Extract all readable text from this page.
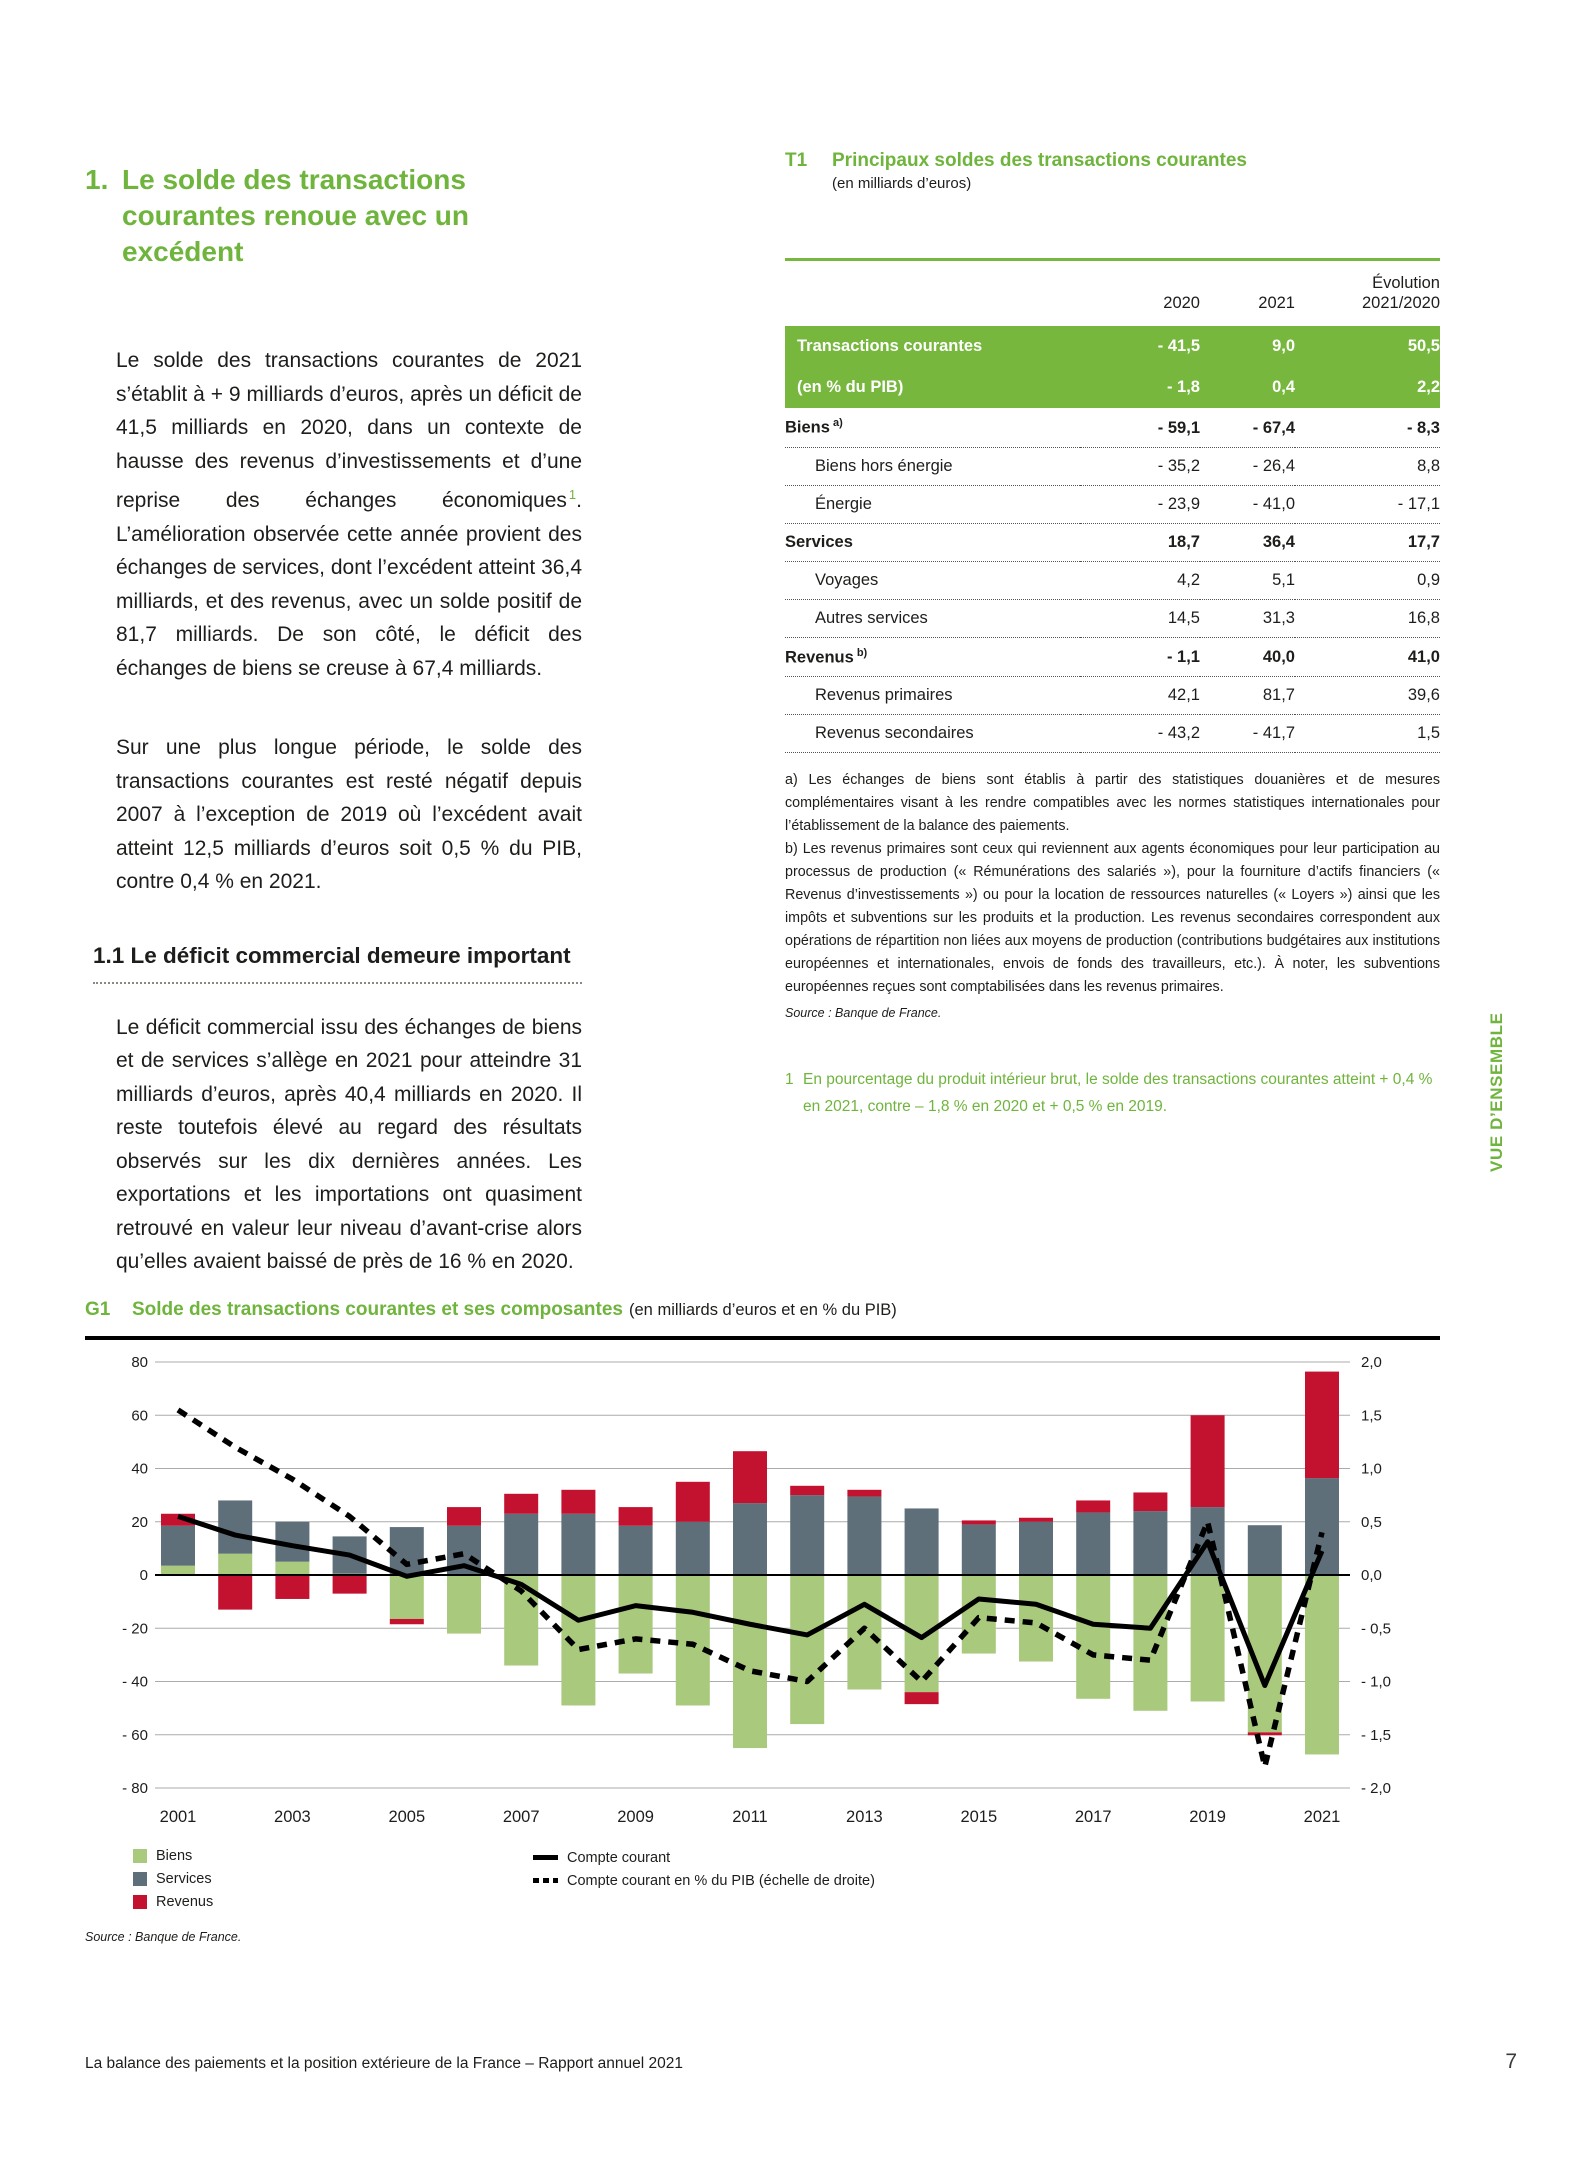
1. Le solde des transactions courantes renoue avec un excédent

Le solde des transactions courantes de 2021 s’établit à + 9 milliards d’euros, après un déficit de 41,5 milliards en 2020, dans un contexte de hausse des revenus d’investissements et d’une reprise des échanges économiques $^1$. L’amélioration observée cette année provient des échanges de services, dont l’excédent atteint 36,4 milliards, et des revenus, avec un solde positif de 81,7 milliards. De son côté, le déficit des échanges de biens se creuse à 67,4 milliards.

Sur une plus longue période, le solde des transactions courantes est resté négatif depuis 2007 à l’exception de 2019 où l’excédent avait atteint 12,5 milliards d’euros soit 0,5 % du PIB, contre 0,4 % en 2021.

1.1 Le déficit commercial demeure important

Le déficit commercial issu des échanges de biens et de services s’allège en 2021 pour atteindre 31 milliards d’euros, après 40,4 milliards en 2020. Il reste toutefois élevé au regard des résultats observés sur les dix dernières années. Les exportations et les importations ont quasiment retrouvé en valeur leur niveau d’avant-crise alors qu’elles avaient baissé de près de 16 % en 2020.

T1	Principaux soldes des transactions courantes
(en milliards d’euros)

	2020	2021	Évolution
2021/2020

Transactions courantes	- 41,5	9,0	50,5
(en % du PIB)	- 1,8	0,4	2,2
Biens $^{a)}$	- 59,1	- 67,4	- 8,3
Biens hors énergie	- 35,2	- 26,4	8,8
Énergie	- 23,9	- 41,0	- 17,1
Services	18,7	36,4	17,7
Voyages	4,2	5,1	0,9
Autres services	14,5	31,3	16,8
Revenus $^{b)}$	- 1,1	40,0	41,0
Revenus primaires	42,1	81,7	39,6
Revenus secondaires	- 43,2	- 41,7	1,5

a) Les échanges de biens sont établis à partir des statistiques douanières et de mesures complémentaires visant à les rendre compatibles avec les normes statistiques internationales pour l’établissement de la balance des paiements.

b) Les revenus primaires sont ceux qui reviennent aux agents économiques pour leur participation au processus de production (« Rémunérations des salariés »), pour la fourniture d’actifs financiers (« Revenus d’investissements ») ou pour la location de ressources naturelles (« Loyers ») ainsi que les impôts et subventions sur les produits et la production. Les revenus secondaires correspondent aux opérations de répartition non liées aux moyens de production (contributions budgétaires aux institutions européennes et internationales, envois de fonds des travailleurs, etc.). À noter, les subventions européennes reçues sont comptabilisées dans les revenus primaires.

Source : Banque de France.
1 En pourcentage du produit intérieur brut, le solde des transactions courantes atteint + 0,4 % en 2021, contre – 1,8 % en 2020 et + 0,5 % en 2019.	VUE D’ENSEMBLE
G1	Solde des transactions courantes et ses composantes (en milliards d’euros et en % du PIB)
80	2,0
60	1,5
40	1,0
20	0,5
0	0,0
- 20	- 0,5
- 40	- 1,0
- 60	- 1,5
- 80	- 2,0
2001	2003	2005	2007	2009	2011	2013	2015	2017	2019	2021
Biens
Services
Revenus
Compte courant
Compte courant en % du PIB (échelle de droite)
Source : Banque de France.
La balance des paiements et la position extérieure de la France – Rapport annuel 2021	7
